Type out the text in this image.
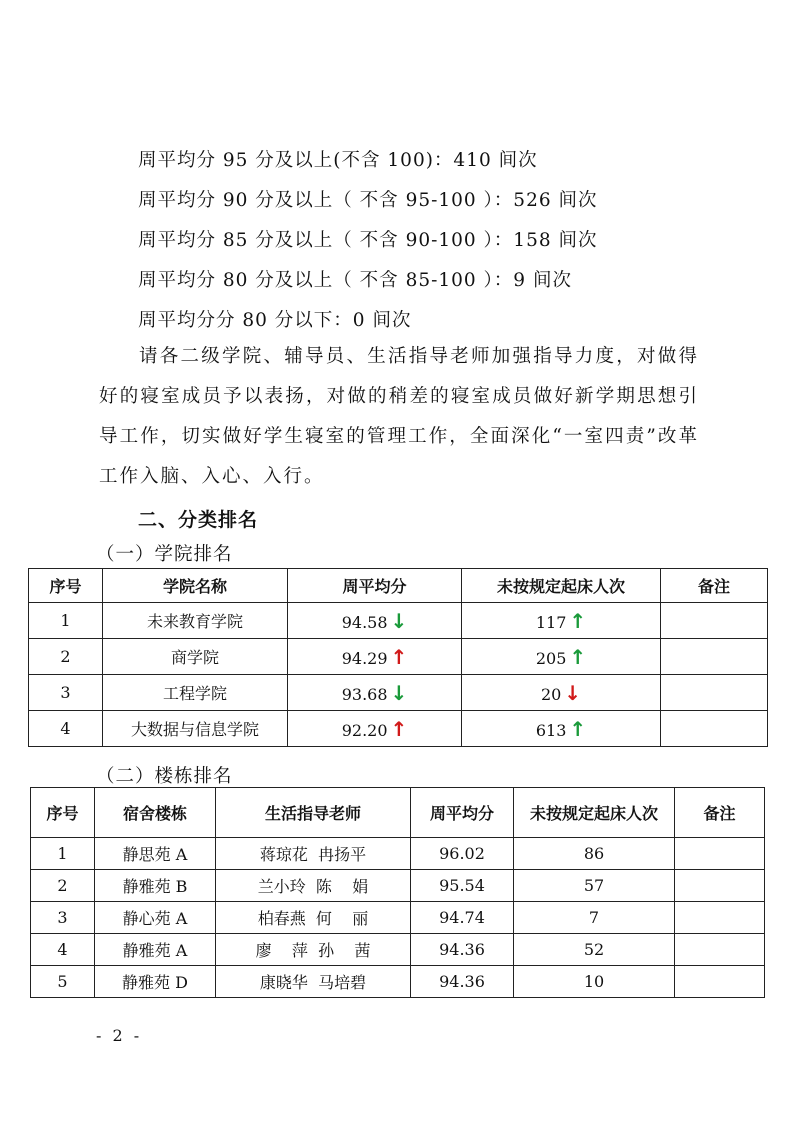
周平均分 95 分及以上(不含 100)：410 间次
周平均分 90 分及以上（ 不含 95-100 ）：526 间次
周平均分 85 分及以上（ 不含 90-100 ）：158 间次
周平均分 80 分及以上（ 不含 85-100 ）：9 间次
周平均分分 80 分以下：0 间次
请各二级学院、辅导员、生活指导老师加强指导力度，对做得好的寝室成员予以表扬，对做的稍差的寝室成员做好新学期思想引导工作，切实做好学生寝室的管理工作，全面深化“一室四责”改革工作入脑、入心、入行。
二、分类排名
（一）学院排名
序号	学院名称	周平均分	未按规定起床人次	备注
1	未来教育学院	94.58 ↓	117 ↑	
2	商学院	94.29 ↑	205 ↑	
3	工程学院	93.68 ↓	20 ↓	
4	大数据与信息学院	92.20 ↑	613 ↑	
（二）楼栋排名
序号	宿舍楼栋	生活指导老师	周平均分	未按规定起床人次	备注
1	静思苑 A	蒋琼花  冉扬平	96.02	86	
2	静雅苑 B	兰小玲  陈    娟	95.54	57	
3	静心苑 A	柏春燕  何    丽	94.74	7	
4	静雅苑 A	廖    萍  孙    茜	94.36	52	
5	静雅苑 D	康晓华  马培碧	94.36	10	
- 2 -
